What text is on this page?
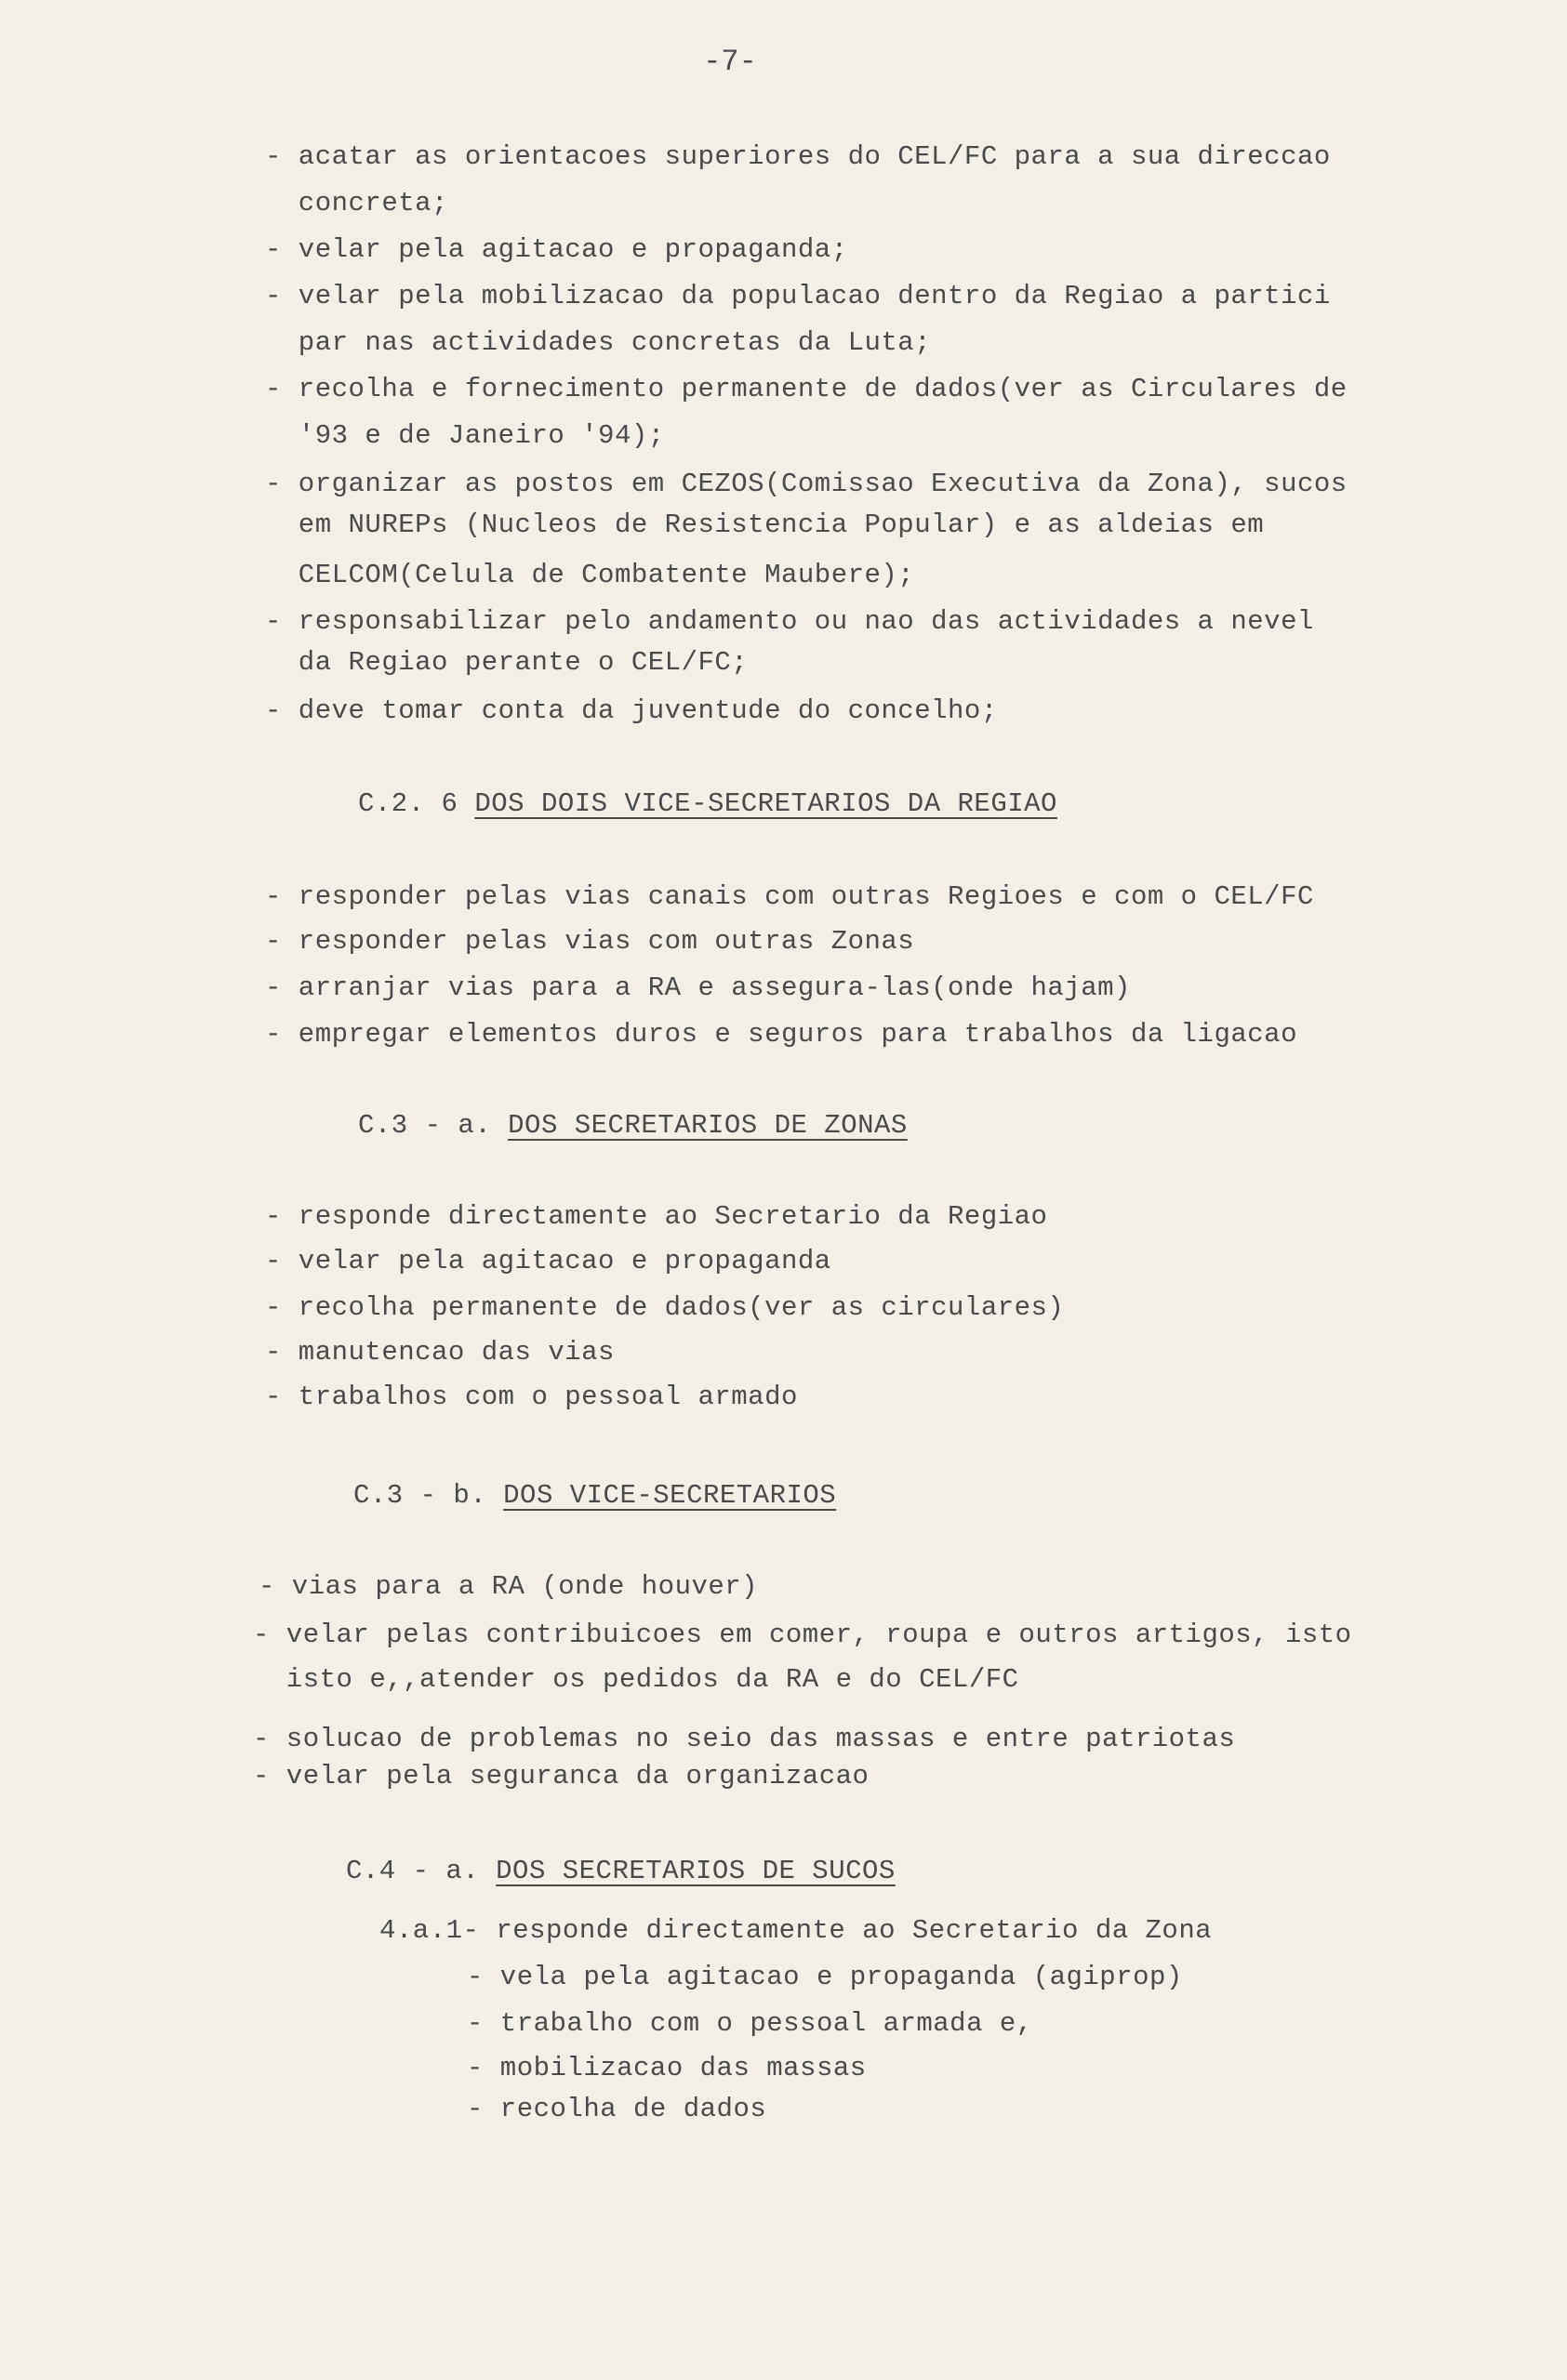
-7-
- acatar as orientacoes superiores do CEL/FC para a sua direccao
concreta;
- velar pela agitacao e propaganda;
- velar pela mobilizacao da populacao dentro da Regiao a partici
par nas actividades concretas da Luta;
- recolha e fornecimento permanente de dados(ver as Circulares de
'93 e de Janeiro '94);
- organizar as postos em CEZOS(Comissao Executiva da Zona), sucos
em NUREPs (Nucleos de Resistencia Popular) e as aldeias em
CELCOM(Celula de Combatente Maubere);
- responsabilizar pelo andamento ou nao das actividades a nevel
da Regiao perante o CEL/FC;
- deve tomar conta da juventude do concelho;
C.2. 6 DOS DOIS VICE-SECRETARIOS DA REGIAO
- responder pelas vias canais com outras Regioes e com o CEL/FC
- responder pelas vias com outras Zonas
- arranjar vias para a RA e assegura-las(onde hajam)
- empregar elementos duros e seguros para trabalhos da ligacao
C.3 - a. DOS SECRETARIOS DE ZONAS
- responde directamente ao Secretario da Regiao
- velar pela agitacao e propaganda
- recolha permanente de dados(ver as circulares)
- manutencao das vias
- trabalhos com o pessoal armado
C.3 - b. DOS VICE-SECRETARIOS
- vias para a RA (onde houver)
- velar pelas contribuicoes em comer, roupa e outros artigos, isto
isto e,,atender os pedidos da RA e do CEL/FC
- solucao de problemas no seio das massas e entre patriotas
- velar pela seguranca da organizacao
C.4 - a. DOS SECRETARIOS DE SUCOS
4.a.1- responde directamente ao Secretario da Zona
- vela pela agitacao e propaganda (agiprop)
- trabalho com o pessoal armada e,
- mobilizacao das massas
- recolha de dados
